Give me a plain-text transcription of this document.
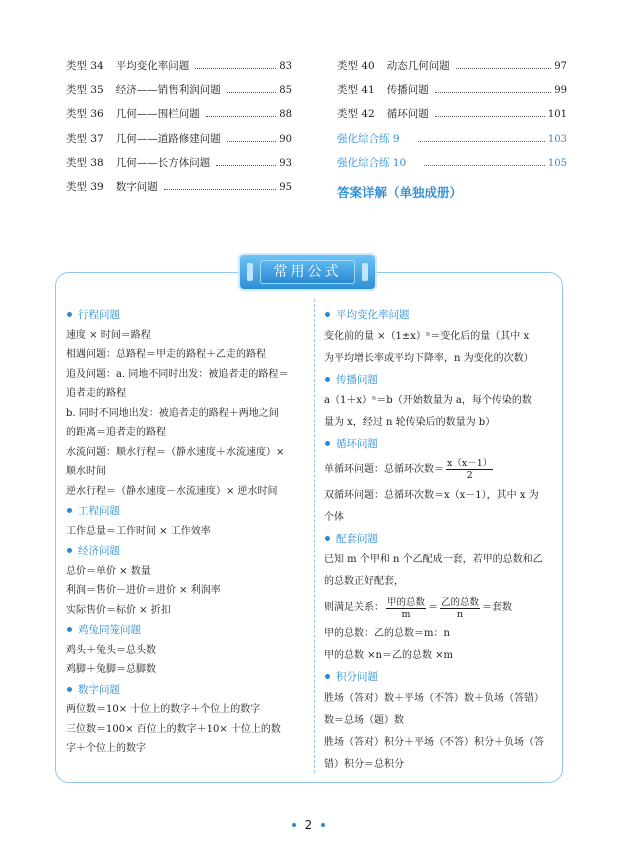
类型 34 平均变化率问题	83
类型 35 经济——销售利润问题	85
类型 36 几何——围栏问题	88
类型 37 几何——道路修建问题	90
类型 38 几何——长方体问题	93
类型 39 数字问题	95
类型 40 动态几何问题	97
类型 41 传播问题	99
类型 42 循环问题	101
强化综合练 9	103
强化综合练 10	105
答案详解（单独成册）
常用公式

行程问题

速度 × 时间＝路程

相遇问题：总路程＝甲走的路程＋乙走的路程

追及问题：a. 同地不同时出发：被追者走的路程＝

追者走的路程

b. 同时不同地出发：被追者走的路程＋两地之间

的距离＝追者走的路程

水流问题：顺水行程＝（静水速度＋水流速度）×

顺水时间

逆水行程＝（静水速度－水流速度）× 逆水时间

工程问题

工作总量＝工作时间 × 工作效率

经济问题

总价＝单价 × 数量

利润＝售价－进价＝进价 × 利润率

实际售价＝标价 × 折扣

鸡兔同笼问题

鸡头＋兔头＝总头数

鸡脚＋兔脚＝总脚数

数字问题

两位数＝10× 十位上的数字＋个位上的数字

三位数＝100× 百位上的数字＋10× 十位上的数

字＋个位上的数字

平均变化率问题

变化前的量 ×（1±x）ⁿ＝变化后的量（其中 x

为平均增长率或平均下降率，n 为变化的次数）

传播问题

a（1＋x）ⁿ＝b（开始数量为 a，每个传染的数

量为 x，经过 n 轮传染后的数量为 b）

循环问题

单循环问题：总循环次数＝ $\frac{x(x-1)}{2}$

双循环问题：总循环次数＝x（x－1），其中 x 为

个体

配套问题

已知 m 个甲和 n 个乙配成一套，若甲的总数和乙

的总数正好配套，

则满足关系： $\frac{\text{甲的总数}}{m} = \frac{\text{乙的总数}}{n}$ ＝套数

甲的总数：乙的总数＝m：n

甲的总数 ×n＝乙的总数 ×m

积分问题

胜场（答对）数＋平场（不答）数＋负场（答错）

数＝总场（题）数

胜场（答对）积分＋平场（不答）积分＋负场（答

错）积分＝总积分

2
